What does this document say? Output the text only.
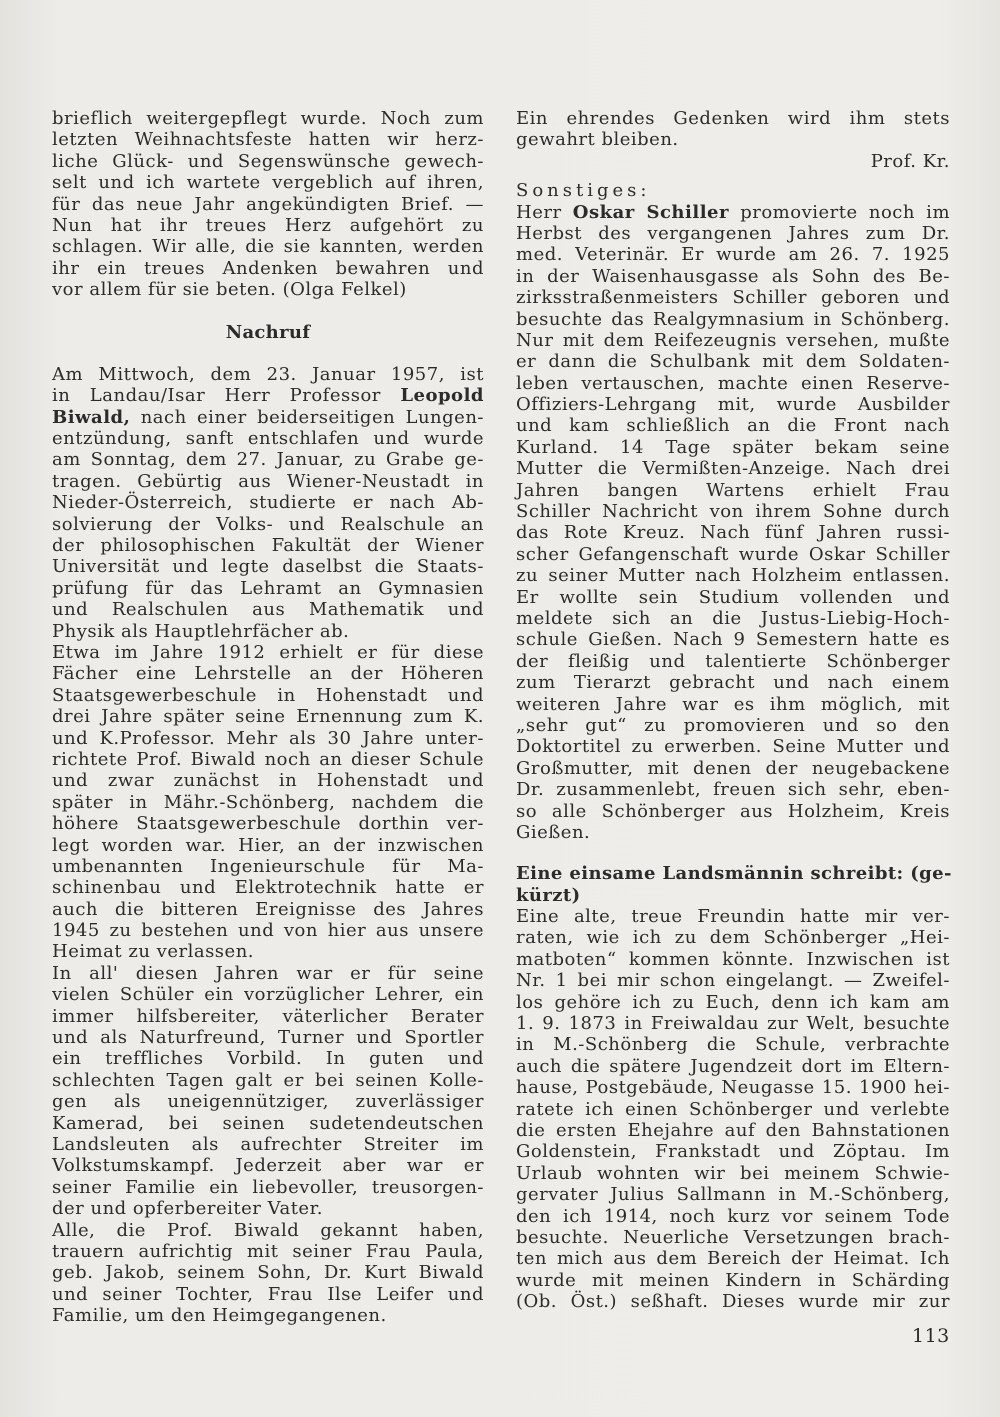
brieflich weitergepflegt wurde. Noch zum
letzten Weihnachtsfeste hatten wir herz-
liche Glück- und Segenswünsche gewech-
selt und ich wartete vergeblich auf ihren,
für das neue Jahr angekündigten Brief. —
Nun hat ihr treues Herz aufgehört zu
schlagen. Wir alle, die sie kannten, werden
ihr ein treues Andenken bewahren und
vor allem für sie beten. (Olga Felkel)
Nachruf
Am Mittwoch, dem 23. Januar 1957, ist
in Landau/Isar Herr Professor Leopold
Biwald, nach einer beiderseitigen Lungen-
entzündung, sanft entschlafen und wurde
am Sonntag, dem 27. Januar, zu Grabe ge-
tragen. Gebürtig aus Wiener-Neustadt in
Nieder-Österreich, studierte er nach Ab-
solvierung der Volks- und Realschule an
der philosophischen Fakultät der Wiener
Universität und legte daselbst die Staats-
prüfung für das Lehramt an Gymnasien
und Realschulen aus Mathematik und
Physik als Hauptlehrfächer ab.
Etwa im Jahre 1912 erhielt er für diese
Fächer eine Lehrstelle an der Höheren
Staatsgewerbeschule in Hohenstadt und
drei Jahre später seine Ernennung zum K.
und K.Professor. Mehr als 30 Jahre unter-
richtete Prof. Biwald noch an dieser Schule
und zwar zunächst in Hohenstadt und
später in Mähr.-Schönberg, nachdem die
höhere Staatsgewerbeschule dorthin ver-
legt worden war. Hier, an der inzwischen
umbenannten Ingenieurschule für Ma-
schinenbau und Elektrotechnik hatte er
auch die bitteren Ereignisse des Jahres
1945 zu bestehen und von hier aus unsere
Heimat zu verlassen.
In all' diesen Jahren war er für seine
vielen Schüler ein vorzüglicher Lehrer, ein
immer hilfsbereiter, väterlicher Berater
und als Naturfreund, Turner und Sportler
ein treffliches Vorbild. In guten und
schlechten Tagen galt er bei seinen Kolle-
gen als uneigennütziger, zuverlässiger
Kamerad, bei seinen sudetendeutschen
Landsleuten als aufrechter Streiter im
Volkstumskampf. Jederzeit aber war er
seiner Familie ein liebevoller, treusorgen-
der und opferbereiter Vater.
Alle, die Prof. Biwald gekannt haben,
trauern aufrichtig mit seiner Frau Paula,
geb. Jakob, seinem Sohn, Dr. Kurt Biwald
und seiner Tochter, Frau Ilse Leifer und
Familie, um den Heimgegangenen.
Ein ehrendes Gedenken wird ihm stets
gewahrt bleiben.
Prof. Kr.
Sonstiges:
Herr Oskar Schiller promovierte noch im
Herbst des vergangenen Jahres zum Dr.
med. Veterinär. Er wurde am 26. 7. 1925
in der Waisenhausgasse als Sohn des Be-
zirksstraßenmeisters Schiller geboren und
besuchte das Realgymnasium in Schönberg.
Nur mit dem Reifezeugnis versehen, mußte
er dann die Schulbank mit dem Soldaten-
leben vertauschen, machte einen Reserve-
Offiziers-Lehrgang mit, wurde Ausbilder
und kam schließlich an die Front nach
Kurland. 14 Tage später bekam seine
Mutter die Vermißten-Anzeige. Nach drei
Jahren bangen Wartens erhielt Frau
Schiller Nachricht von ihrem Sohne durch
das Rote Kreuz. Nach fünf Jahren russi-
scher Gefangenschaft wurde Oskar Schiller
zu seiner Mutter nach Holzheim entlassen.
Er wollte sein Studium vollenden und
meldete sich an die Justus-Liebig-Hoch-
schule Gießen. Nach 9 Semestern hatte es
der fleißig und talentierte Schönberger
zum Tierarzt gebracht und nach einem
weiteren Jahre war es ihm möglich, mit
„sehr gut“ zu promovieren und so den
Doktortitel zu erwerben. Seine Mutter und
Großmutter, mit denen der neugebackene
Dr. zusammenlebt, freuen sich sehr, eben-
so alle Schönberger aus Holzheim, Kreis
Gießen.
Eine einsame Landsmännin schreibt: (ge-
kürzt)
Eine alte, treue Freundin hatte mir ver-
raten, wie ich zu dem Schönberger „Hei-
matboten“ kommen könnte. Inzwischen ist
Nr. 1 bei mir schon eingelangt. — Zweifel-
los gehöre ich zu Euch, denn ich kam am
1. 9. 1873 in Freiwaldau zur Welt, besuchte
in M.-Schönberg die Schule, verbrachte
auch die spätere Jugendzeit dort im Eltern-
hause, Postgebäude, Neugasse 15. 1900 hei-
ratete ich einen Schönberger und verlebte
die ersten Ehejahre auf den Bahnstationen
Goldenstein, Frankstadt und Zöptau. Im
Urlaub wohnten wir bei meinem Schwie-
gervater Julius Sallmann in M.-Schönberg,
den ich 1914, noch kurz vor seinem Tode
besuchte. Neuerliche Versetzungen brach-
ten mich aus dem Bereich der Heimat. Ich
wurde mit meinen Kindern in Schärding
(Ob. Öst.) seßhaft. Dieses wurde mir zur
113
